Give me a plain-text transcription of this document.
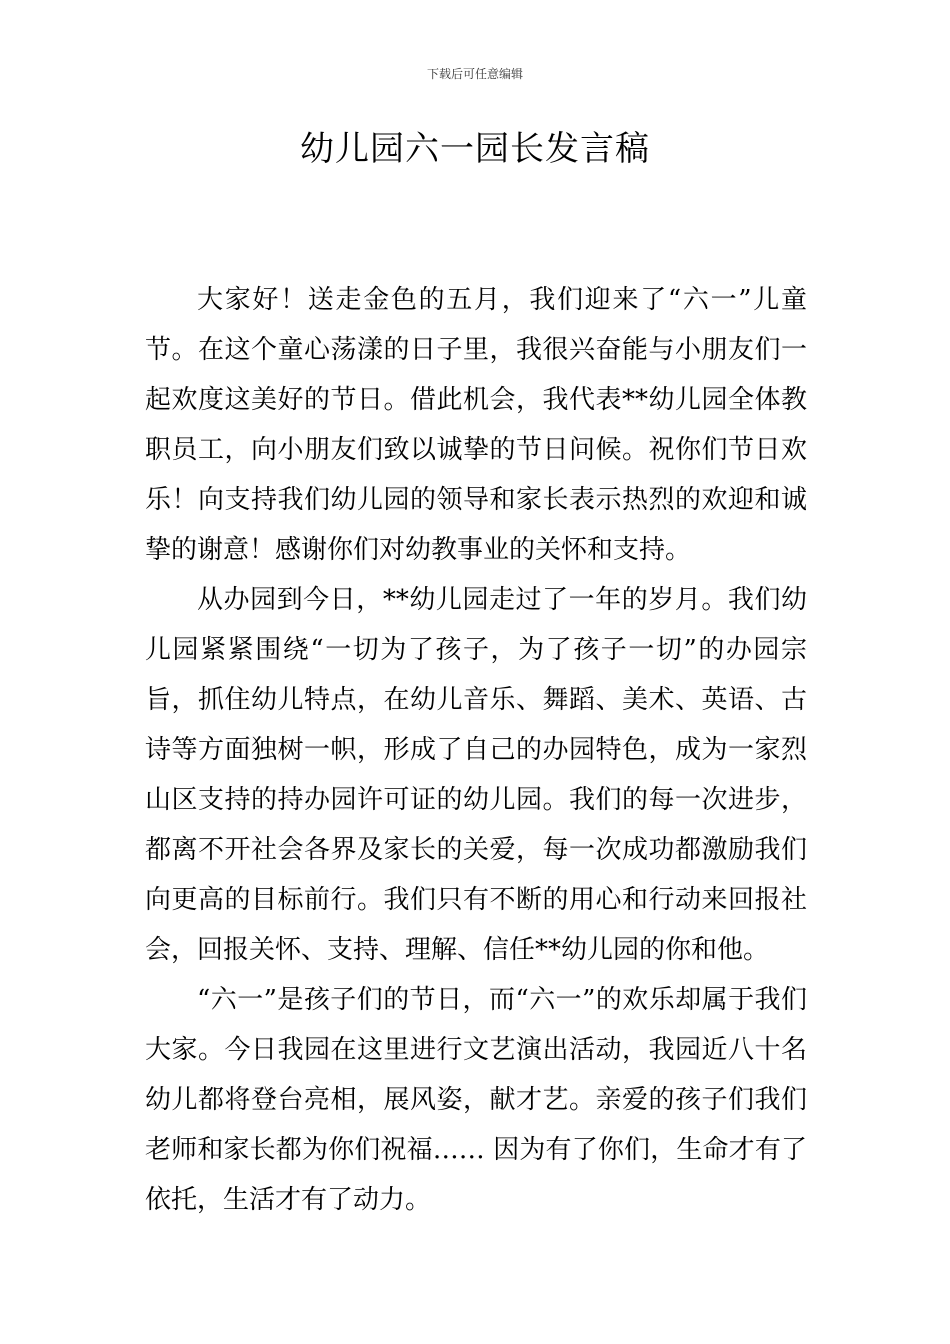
下载后可任意编辑
幼儿园六一园长发言稿

大家好！送走金色的五月，我们迎来了“六一”儿童节。在这个童心荡漾的日子里，我很兴奋能与小朋友们一起欢度这美好的节日。借此机会，我代表**幼儿园全体教职员工，向小朋友们致以诚挚的节日问候。祝你们节日欢乐！向支持我们幼儿园的领导和家长表示热烈的欢迎和诚挚的谢意！感谢你们对幼教事业的关怀和支持。

从办园到今日，**幼儿园走过了一年的岁月。我们幼儿园紧紧围绕“一切为了孩子，为了孩子一切”的办园宗旨，抓住幼儿特点，在幼儿音乐、舞蹈、美术、英语、古诗等方面独树一帜，形成了自己的办园特色，成为一家烈山区支持的持办园许可证的幼儿园。我们的每一次进步，都离不开社会各界及家长的关爱，每一次成功都激励我们向更高的目标前行。我们只有不断的用心和行动来回报社会，回报关怀、支持、理解、信任**幼儿园的你和他。

“六一”是孩子们的节日，而“六一”的欢乐却属于我们大家。今日我园在这里进行文艺演出活动，我园近八十名幼儿都将登台亮相，展风姿，献才艺。亲爱的孩子们我们老师和家长都为你们祝福…… 因为有了你们，生命才有了依托，生活才有了动力。
